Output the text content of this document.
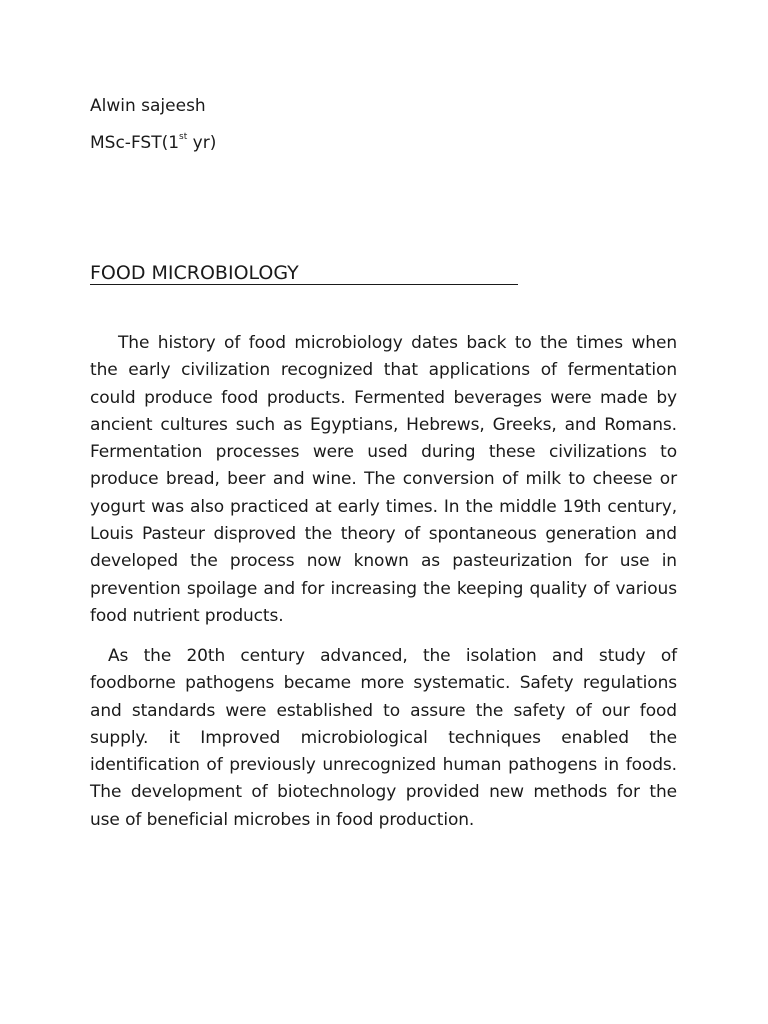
Alwin sajeesh
MSc-FST(1st yr)
FOOD MICROBIOLOGY

The history of food microbiology dates back to the times when the early civilization recognized that applications of fermentation could produce food products. Fermented beverages were made by ancient cultures such as Egyptians, Hebrews, Greeks, and Romans. Fermentation processes were used during these civilizations to produce bread, beer and wine. The conversion of milk to cheese or yogurt was also practiced at early times. In the middle 19th century, Louis Pasteur disproved the theory of spontaneous generation and developed the process now known as pasteurization for use in prevention spoilage and for increasing the keeping quality of various food nutrient products.

As the 20th century advanced, the isolation and study of foodborne pathogens became more systematic. Safety regulations and standards were established to assure the safety of our food supply. it Improved microbiological techniques enabled the identification of previously unrecognized human pathogens in foods. The development of biotechnology provided new methods for the use of beneficial microbes in food production.
